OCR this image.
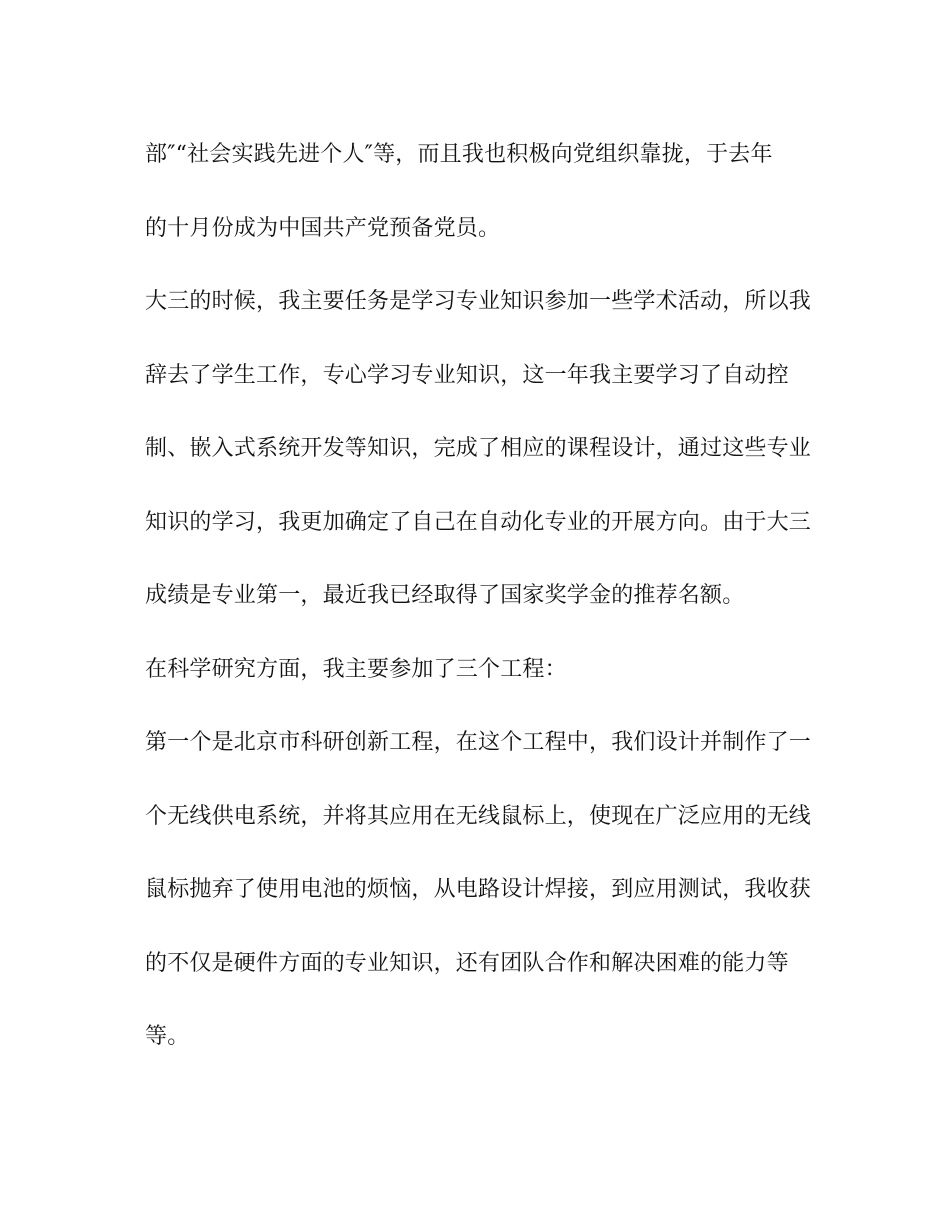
部″“社会实践先进个人″等，而且我也积极向党组织靠拢，于去年
的十月份成为中国共产党预备党员。
大三的时候，我主要任务是学习专业知识参加一些学术活动，所以我
辞去了学生工作，专心学习专业知识，这一年我主要学习了自动控
制、嵌入式系统开发等知识，完成了相应的课程设计，通过这些专业
知识的学习，我更加确定了自己在自动化专业的开展方向。由于大三
成绩是专业第一，最近我已经取得了国家奖学金的推荐名额。
在科学研究方面，我主要参加了三个工程：
第一个是北京市科研创新工程，在这个工程中，我们设计并制作了一
个无线供电系统，并将其应用在无线鼠标上，使现在广泛应用的无线
鼠标抛弃了使用电池的烦恼，从电路设计焊接，到应用测试，我收获
的不仅是硬件方面的专业知识，还有团队合作和解决困难的能力等
等。
